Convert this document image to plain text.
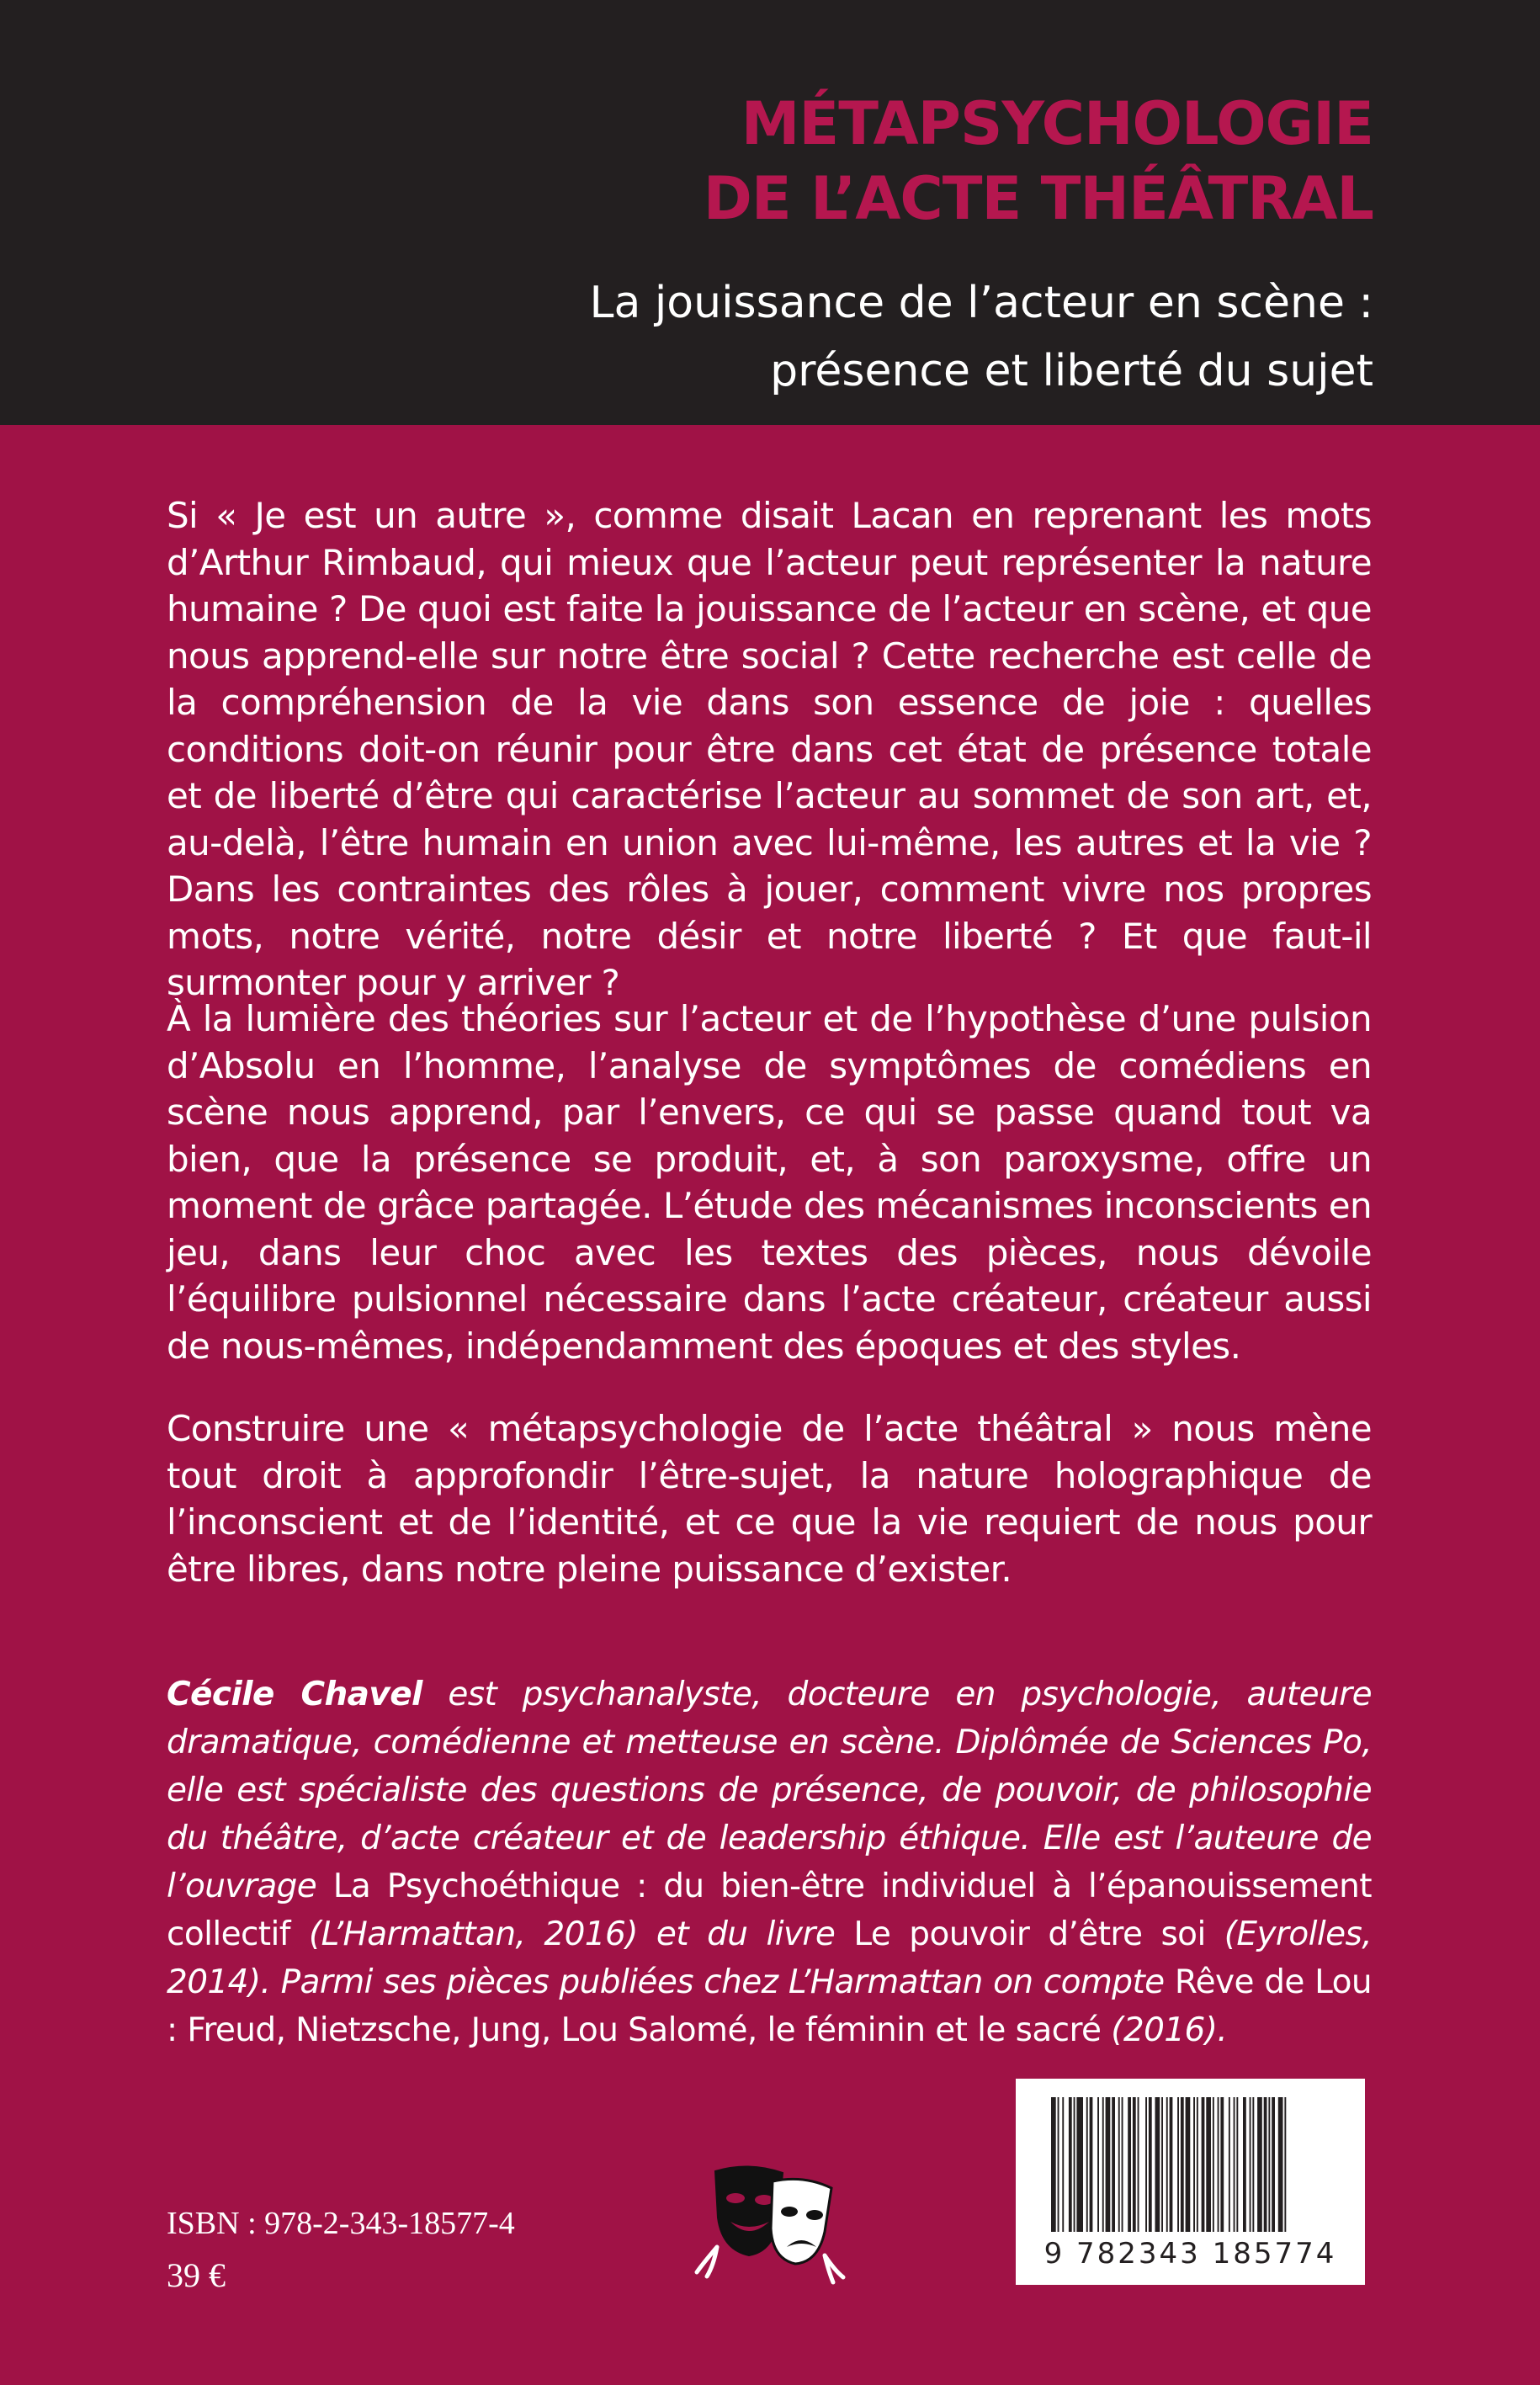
MÉTAPSYCHOLOGIE
DE L’ACTE THÉÂTRAL
La jouissance de l’acteur en scène :
présence et liberté du sujet

Si « Je est un autre », comme disait Lacan en reprenant les mots d’Arthur Rimbaud, qui mieux que l’acteur peut représenter la nature humaine ? De quoi est faite la jouissance de l’acteur en scène, et que nous apprend-elle sur notre être social ? Cette recherche est celle de la compréhension de la vie dans son essence de joie : quelles conditions doit-on réunir pour être dans cet état de présence totale et de liberté d’être qui caractérise l’acteur au sommet de son art, et, au-delà, l’être humain en union avec lui-même, les autres et la vie ? Dans les contraintes des rôles à jouer, comment vivre nos propres mots, notre vérité, notre désir et notre liberté ? Et que faut-il surmonter pour y arriver ?

À la lumière des théories sur l’acteur et de l’hypothèse d’une pulsion d’Absolu en l’homme, l’analyse de symptômes de comédiens en scène nous apprend, par l’envers, ce qui se passe quand tout va bien, que la présence se produit, et, à son paroxysme, offre un moment de grâce partagée. L’étude des mécanismes inconscients en jeu, dans leur choc avec les textes des pièces, nous dévoile l’équilibre pulsionnel nécessaire dans l’acte créateur, créateur aussi de nous-mêmes, indépendamment des époques et des styles.

Construire une « métapsychologie de l’acte théâtral » nous mène tout droit à approfondir l’être-sujet, la nature holographique de l’inconscient et de l’identité, et ce que la vie requiert de nous pour être libres, dans notre pleine puissance d’exister.

Cécile Chavel est psychanalyste, docteure en psychologie, auteure dramatique, comédienne et metteuse en scène. Diplômée de Sciences Po, elle est spécialiste des questions de présence, de pouvoir, de philosophie du théâtre, d’acte créateur et de leadership éthique. Elle est l’auteure de l’ouvrage La Psychoéthique : du bien-être individuel à l’épanouissement collectif (L’Harmattan, 2016) et du livre Le pouvoir d’être soi (Eyrolles, 2014). Parmi ses pièces publiées chez L’Harmattan on compte Rêve de Lou : Freud, Nietzsche, Jung, Lou Salomé, le féminin et le sacré (2016).

ISBN : 978-2-343-18577-4
39 €
9 782343 185774
